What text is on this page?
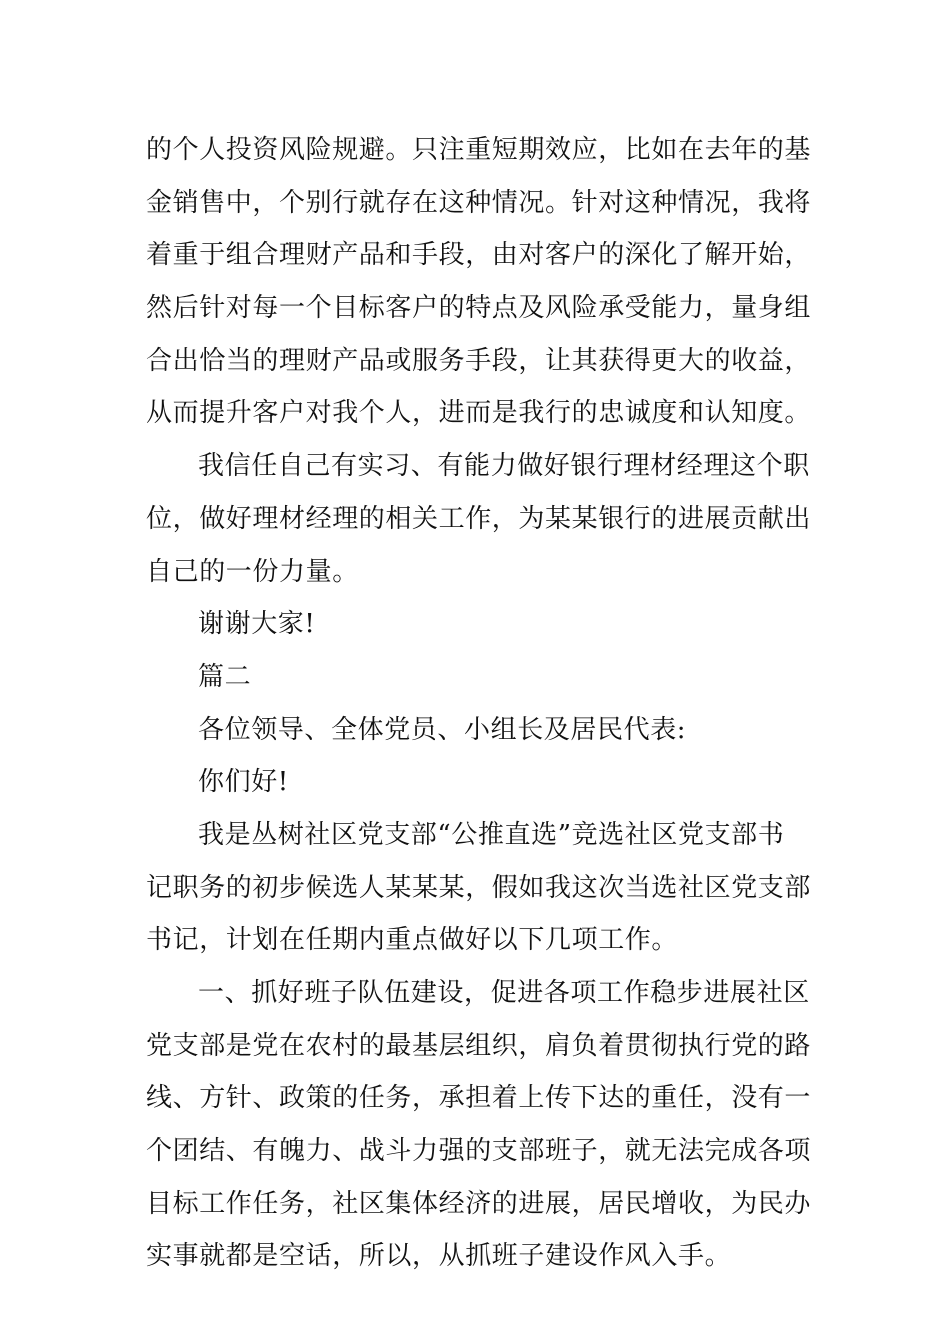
的个人投资风险规避。只注重短期效应，比如在去年的基
金销售中，个别行就存在这种情况。针对这种情况，我将
着重于组合理财产品和手段，由对客户的深化了解开始，
然后针对每一个目标客户的特点及风险承受能力，量身组
合出恰当的理财产品或服务手段，让其获得更大的收益，
从而提升客户对我个人，进而是我行的忠诚度和认知度。
我信任自己有实习、有能力做好银行理材经理这个职
位，做好理材经理的相关工作，为某某银行的进展贡献出
自己的一份力量。
谢谢大家!
篇二
各位领导、全体党员、小组长及居民代表:
你们好!
我是丛树社区党支部“公推直选”竞选社区党支部书
记职务的初步候选人某某某，假如我这次当选社区党支部
书记，计划在任期内重点做好以下几项工作。
一、抓好班子队伍建设，促进各项工作稳步进展社区
党支部是党在农村的最基层组织，肩负着贯彻执行党的路
线、方针、政策的任务，承担着上传下达的重任，没有一
个团结、有魄力、战斗力强的支部班子，就无法完成各项
目标工作任务，社区集体经济的进展，居民增收，为民办
实事就都是空话，所以，从抓班子建设作风入手。
